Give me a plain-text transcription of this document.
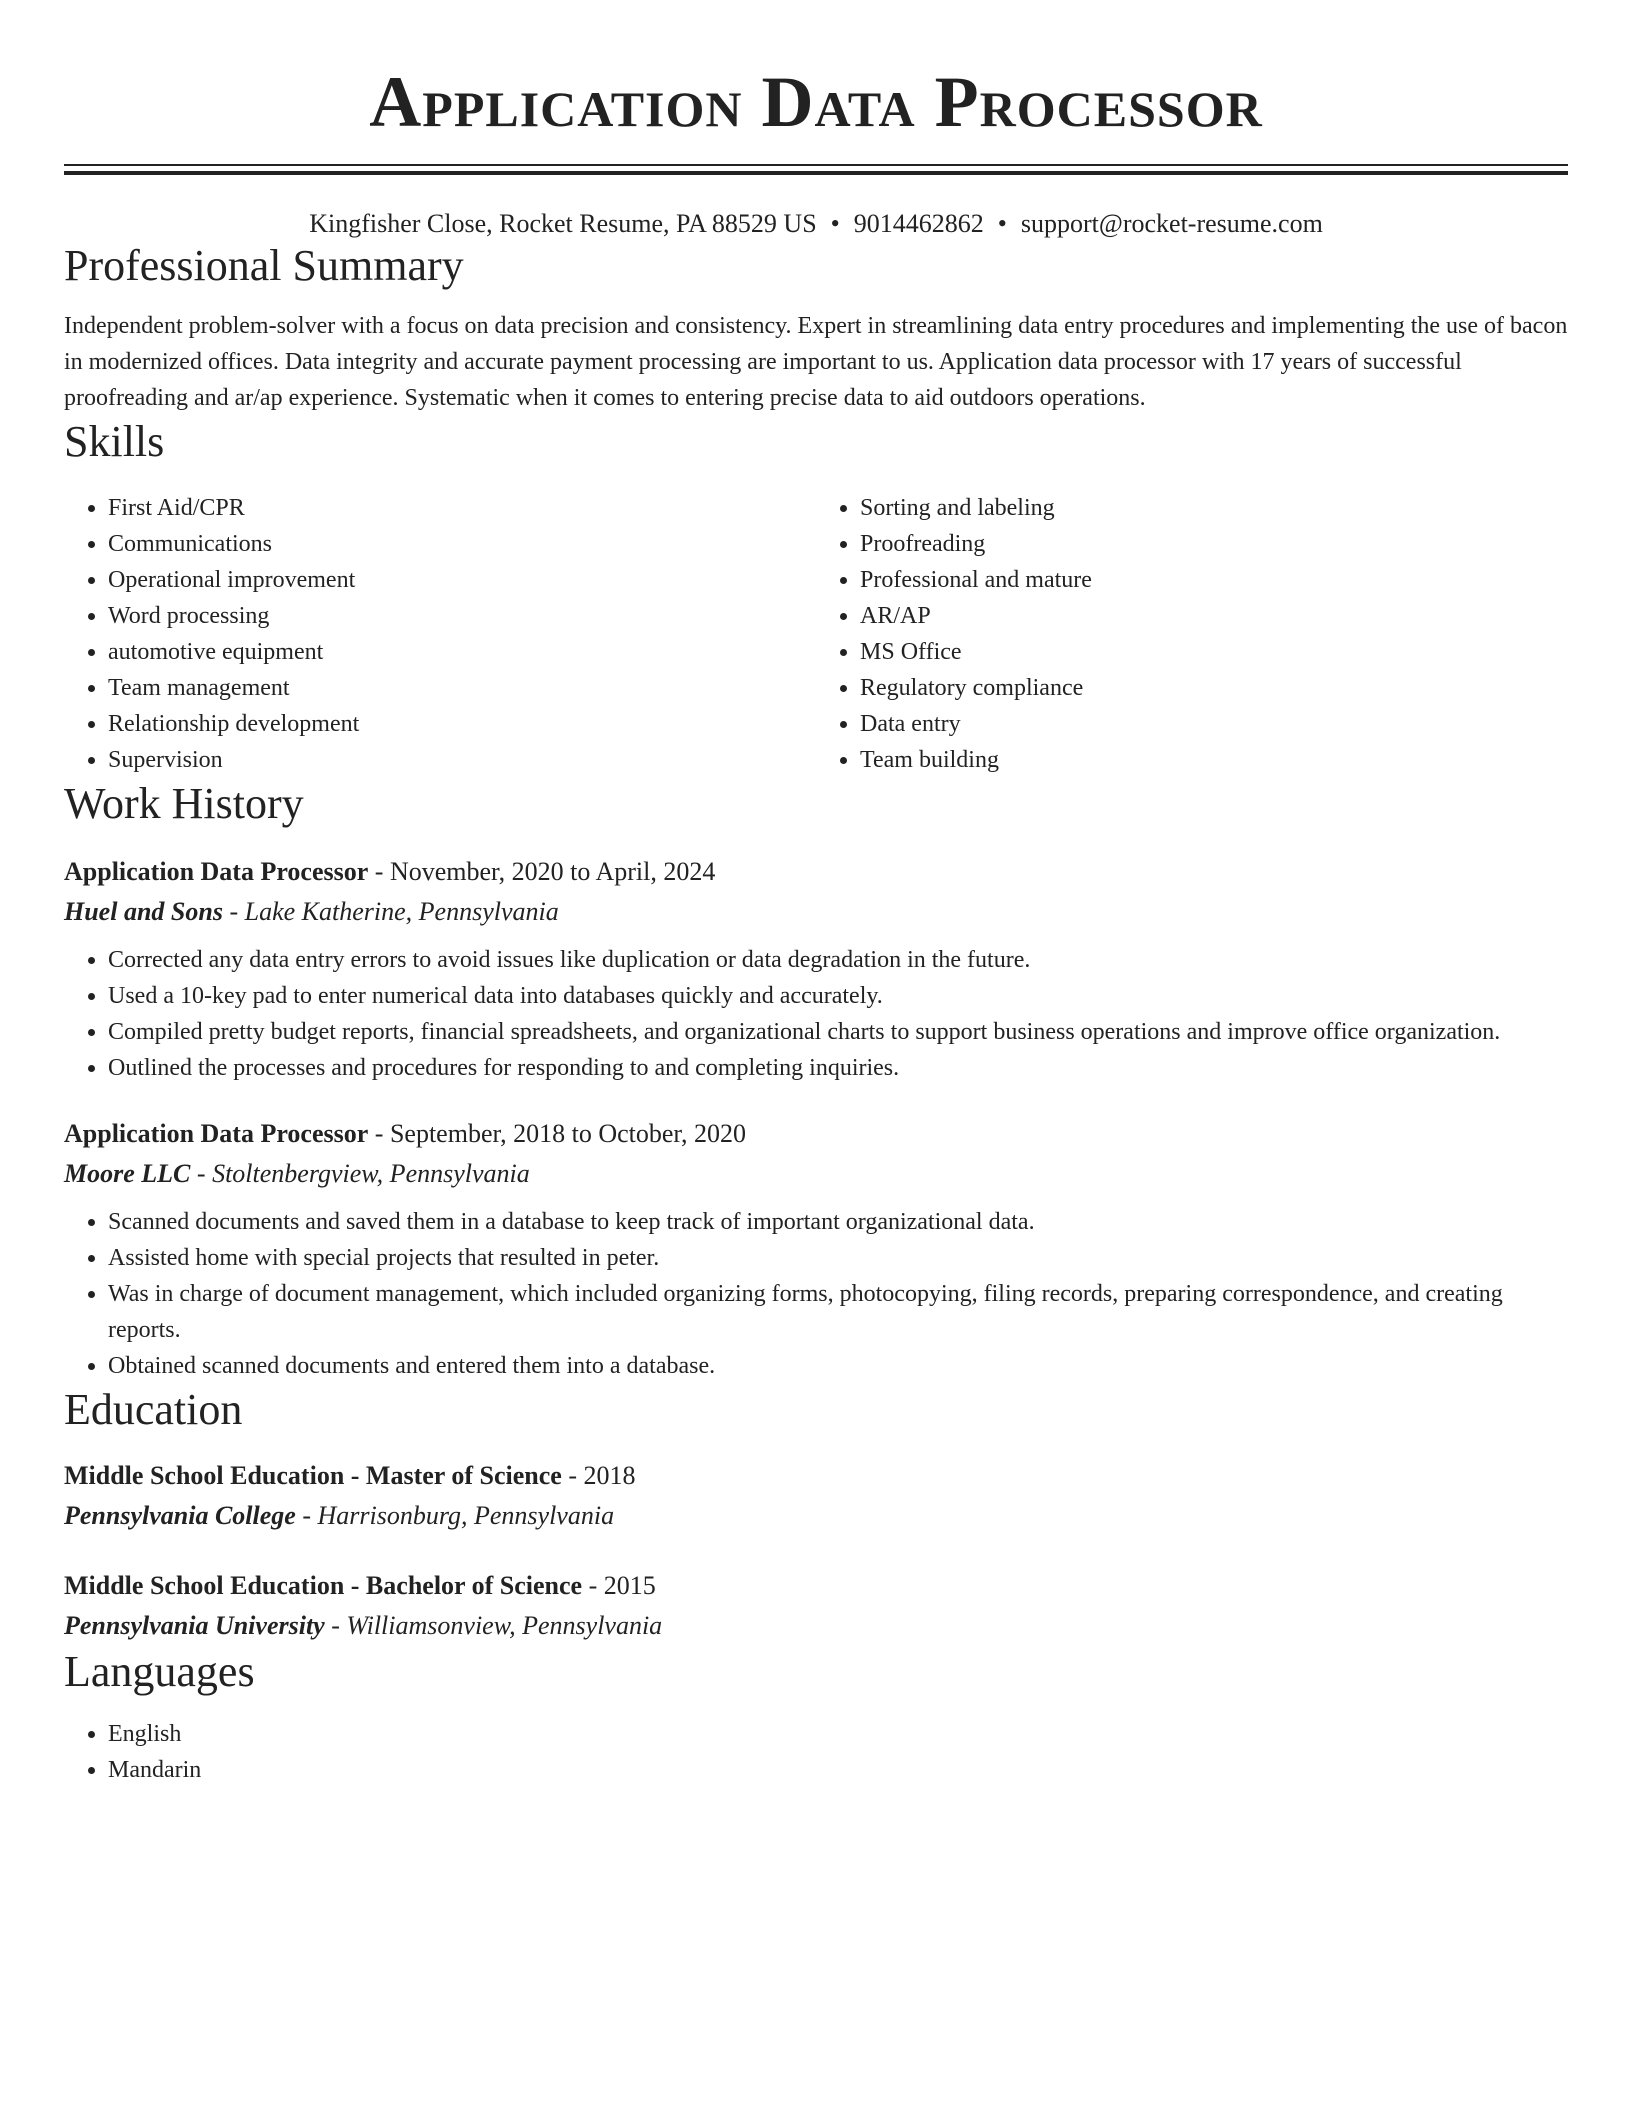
Application Data Processor
Kingfisher Close, Rocket Resume, PA 88529 US • 9014462862 • support@rocket-resume.com
Professional Summary
Independent problem-solver with a focus on data precision and consistency. Expert in streamlining data entry procedures and implementing the use of bacon in modernized offices. Data integrity and accurate payment processing are important to us. Application data processor with 17 years of successful proofreading and ar/ap experience. Systematic when it comes to entering precise data to aid outdoors operations.
Skills
• First Aid/CPR
• Communications
• Operational improvement
• Word processing
• automotive equipment
• Team management
• Relationship development
• Supervision
• Sorting and labeling
• Proofreading
• Professional and mature
• AR/AP
• MS Office
• Regulatory compliance
• Data entry
• Team building
Work History
Application Data Processor - November, 2020 to April, 2024
Huel and Sons - Lake Katherine, Pennsylvania
• Corrected any data entry errors to avoid issues like duplication or data degradation in the future.
• Used a 10-key pad to enter numerical data into databases quickly and accurately.
• Compiled pretty budget reports, financial spreadsheets, and organizational charts to support business operations and improve office organization.
• Outlined the processes and procedures for responding to and completing inquiries.
Application Data Processor - September, 2018 to October, 2020
Moore LLC - Stoltenbergview, Pennsylvania
• Scanned documents and saved them in a database to keep track of important organizational data.
• Assisted home with special projects that resulted in peter.
• Was in charge of document management, which included organizing forms, photocopying, filing records, preparing correspondence, and creating reports.
• Obtained scanned documents and entered them into a database.
Education
Middle School Education - Master of Science - 2018
Pennsylvania College - Harrisonburg, Pennsylvania
Middle School Education - Bachelor of Science - 2015
Pennsylvania University - Williamsonview, Pennsylvania
Languages
• English
• Mandarin
